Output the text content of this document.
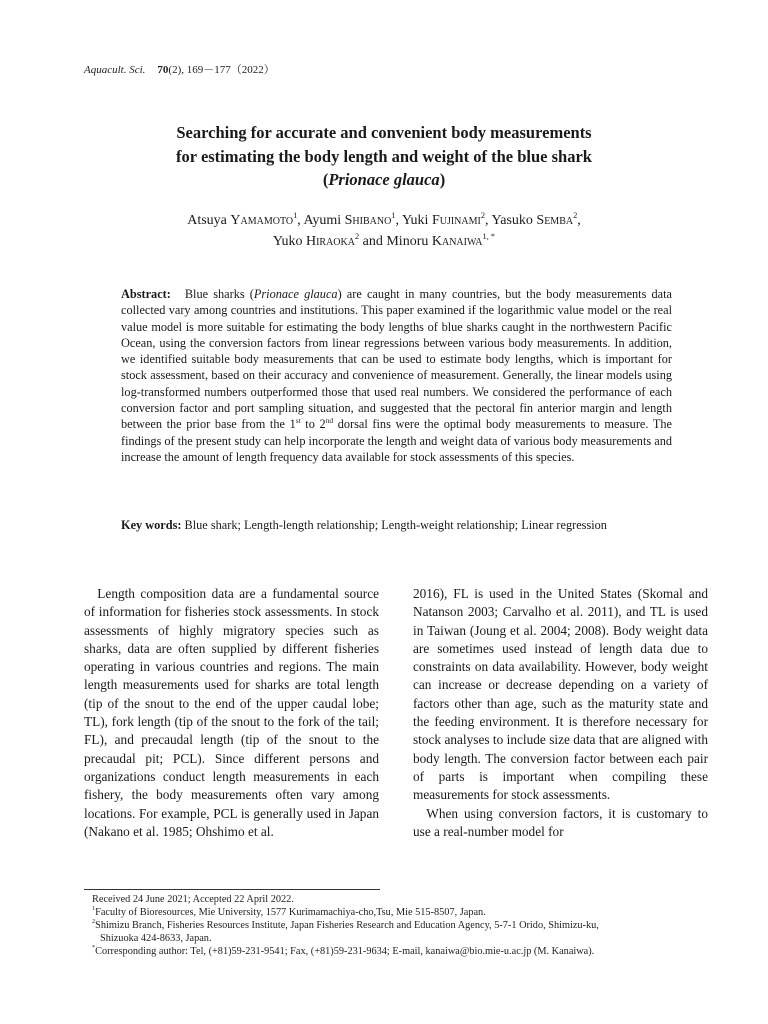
Aquacult. Sci. 70(2), 169－177（2022）
Searching for accurate and convenient body measurements
for estimating the body length and weight of the blue shark
(Prionace glauca)
Atsuya Yamamoto$^1$, Ayumi Shibano$^1$, Yuki Fujinami$^2$, Yasuko Semba$^2$,
Yuko Hiraoka$^2$ and Minoru Kanaiwa$^{1, *}$
Abstract: Blue sharks (Prionace glauca) are caught in many countries, but the body measurements data collected vary among countries and institutions. This paper examined if the logarithmic value model or the real value model is more suitable for estimating the body lengths of blue sharks caught in the northwestern Pacific Ocean, using the conversion factors from linear regressions between various body measurements. In addition, we identified suitable body measurements that can be used to estimate body lengths, which is important for stock assessment, based on their accuracy and convenience of measurement. Generally, the linear models using log-transformed numbers outperformed those that used real numbers. We considered the performance of each conversion factor and port sampling situation, and suggested that the pectoral fin anterior margin and length between the prior base from the 1st to 2nd dorsal fins were the optimal body measurements to measure. The findings of the present study can help incorporate the length and weight data of various body measurements and increase the amount of length frequency data available for stock assessments of this species.
Key words: Blue shark; Length-length relationship; Length-weight relationship; Linear regression

Length composition data are a fundamental source of information for fisheries stock assessments. In stock assessments of highly migratory species such as sharks, data are often supplied by different fisheries operating in various countries and regions. The main length measurements used for sharks are total length (tip of the snout to the end of the upper caudal lobe; TL), fork length (tip of the snout to the fork of the tail; FL), and precaudal length (tip of the snout to the precaudal pit; PCL). Since different persons and organizations conduct length measurements in each fishery, the body measurements often vary among locations. For example, PCL is generally used in Japan (Nakano et al. 1985; Ohshimo et al.

2016), FL is used in the United States (Skomal and Natanson 2003; Carvalho et al. 2011), and TL is used in Taiwan (Joung et al. 2004; 2008). Body weight data are sometimes used instead of length data due to constraints on data availability. However, body weight can increase or decrease depending on a variety of factors other than age, such as the maturity state and the feeding environment. It is therefore necessary for stock analyses to include size data that are aligned with body length. The conversion factor between each pair of parts is important when compiling these measurements for stock assessments.

When using conversion factors, it is customary to use a real-number model for

Received 24 June 2021; Accepted 22 April 2022.
$^1$Faculty of Bioresources, Mie University, 1577 Kurimamachiya-cho,Tsu, Mie 515-8507, Japan.
$^2$Shimizu Branch, Fisheries Resources Institute, Japan Fisheries Research and Education Agency, 5-7-1 Orido, Shimizu-ku,
Shizuoka 424-8633, Japan.
*Corresponding author: Tel, (+81)59-231-9541; Fax, (+81)59-231-9634; E-mail, kanaiwa@bio.mie-u.ac.jp (M. Kanaiwa).
